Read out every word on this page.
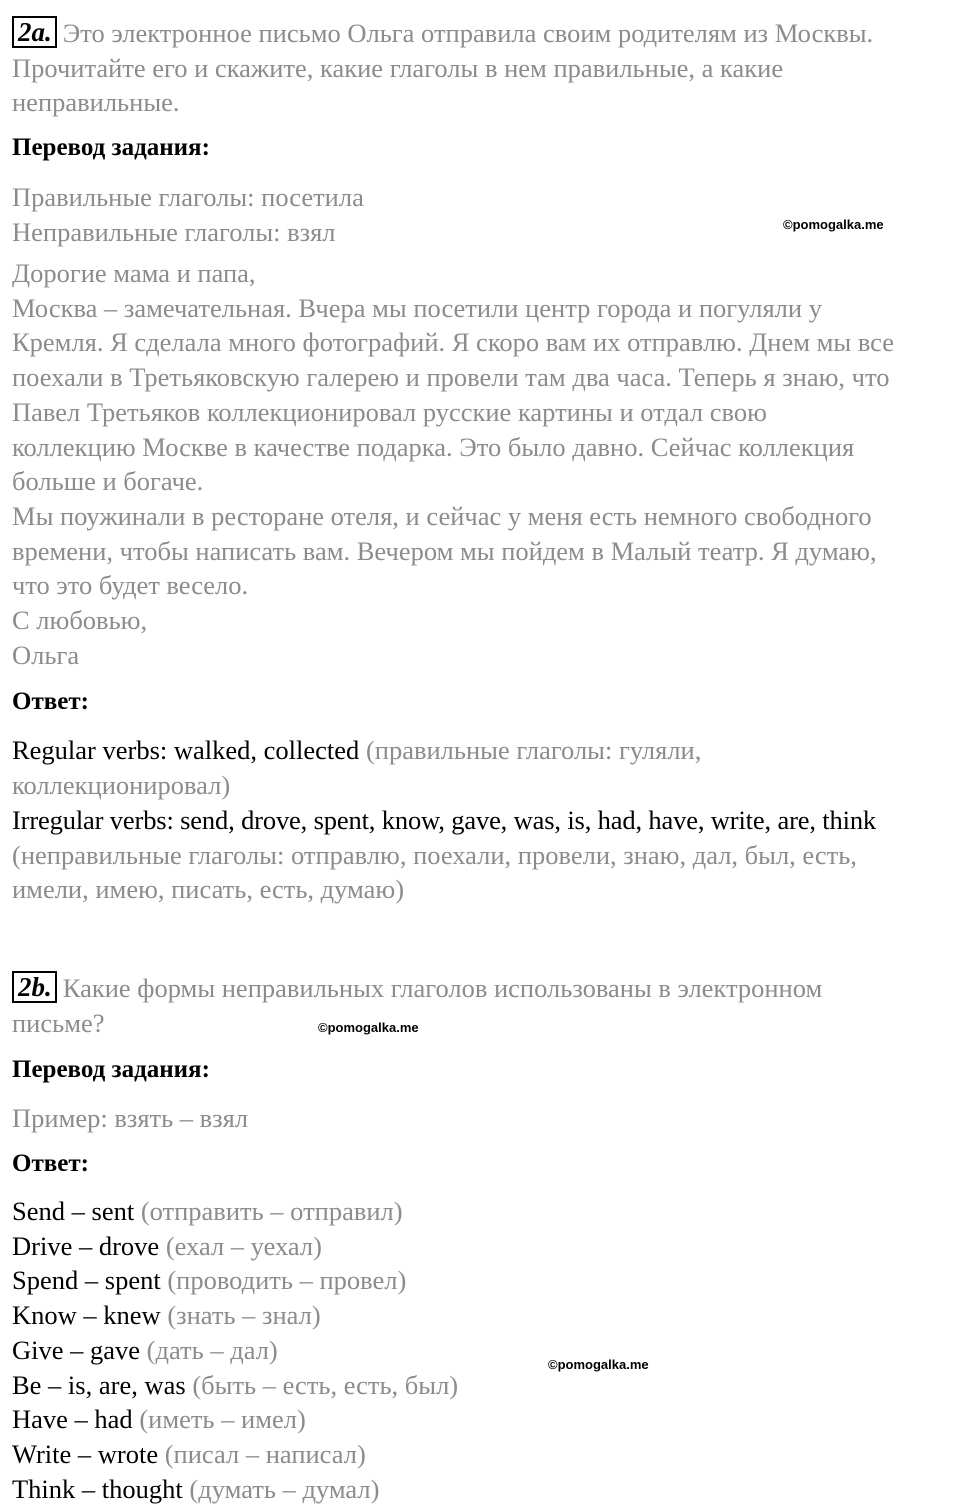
2a. Это электронное письмо Ольга отправила своим родителям из Москвы.
Прочитайте его и скажите, какие глаголы в нем правильные, а какие
неправильные.
Перевод задания:
Правильные глаголы: посетила
Неправильные глаголы: взял
Дорогие мама и папа,
Москва – замечательная. Вчера мы посетили центр города и погуляли у
Кремля. Я сделала много фотографий. Я скоро вам их отправлю. Днем мы все
поехали в Третьяковскую галерею и провели там два часа. Теперь я знаю, что
Павел Третьяков коллекционировал русские картины и отдал свою
коллекцию Москве в качестве подарка. Это было давно. Сейчас коллекция
больше и богаче.
Мы поужинали в ресторане отеля, и сейчас у меня есть немного свободного
времени, чтобы написать вам. Вечером мы пойдем в Малый театр. Я думаю,
что это будет весело.
С любовью,
Ольга
Ответ:
Regular verbs: walked, collected (правильные глаголы: гуляли,
коллекционировал)
Irregular verbs: send, drove, spent, know, gave, was, is, had, have, write, are, think
(неправильные глаголы: отправлю, поехали, провели, знаю, дал, был, есть,
имели, имею, писать, есть, думаю)
2b. Какие формы неправильных глаголов использованы в электронном
письме?
Перевод задания:
Пример: взять – взял
Ответ:
Send – sent (отправить – отправил)
Drive – drove (ехал – уехал)
Spend – spent (проводить – провел)
Know – knew (знать – знал)
Give – gave (дать – дал)
Be – is, are, was (быть – есть, есть, был)
Have – had (иметь – имел)
Write – wrote (писал – написал)
Think – thought (думать – думал)
©pomogalka.me
©pomogalka.me
©pomogalka.me
